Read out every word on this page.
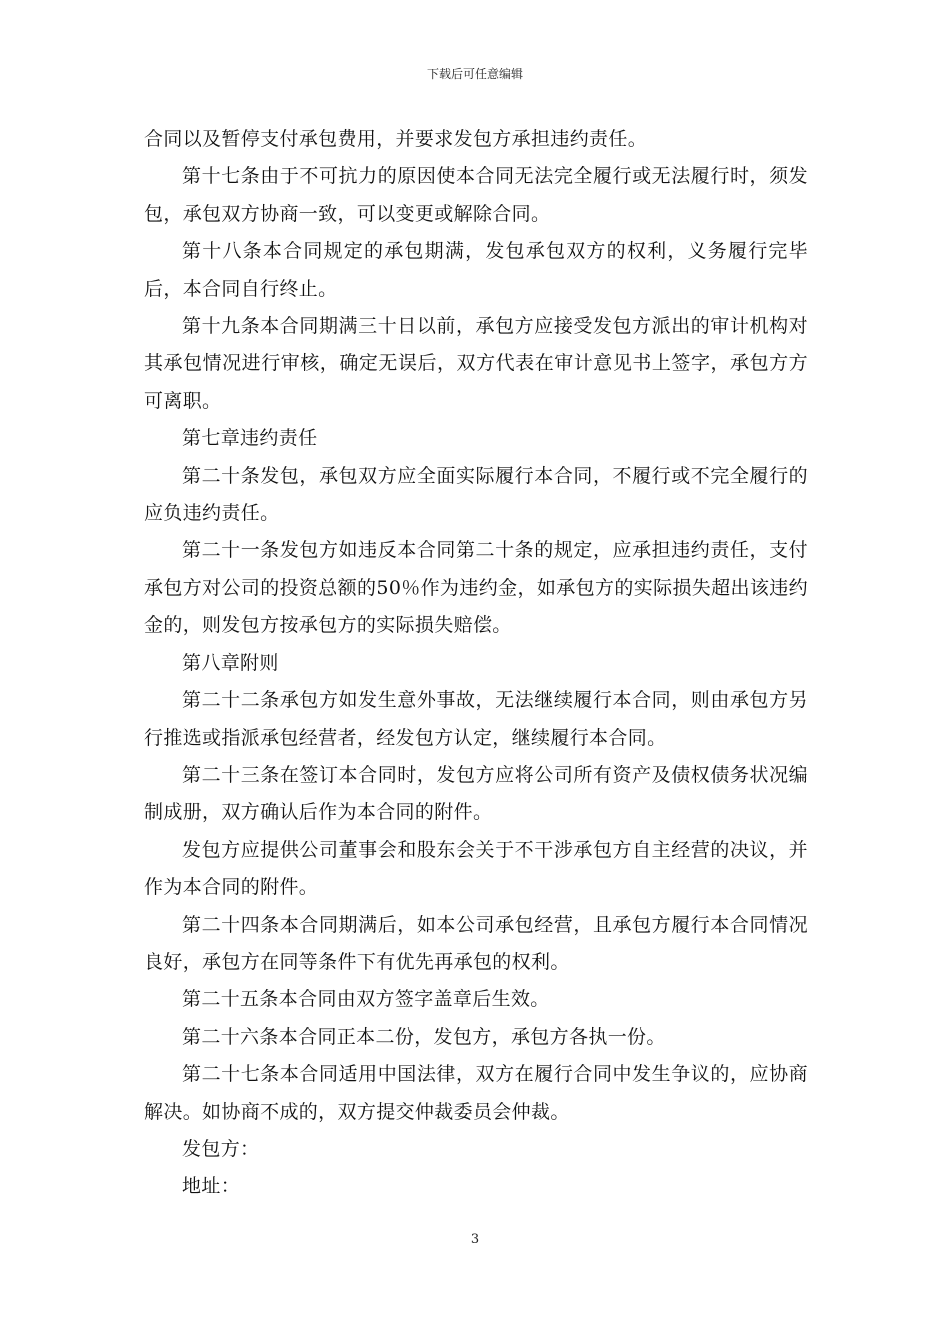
下载后可任意编辑

合同以及暂停支付承包费用，并要求发包方承担违约责任。

第十七条由于不可抗力的原因使本合同无法完全履行或无法履行时，须发包，承包双方协商一致，可以变更或解除合同。

第十八条本合同规定的承包期满，发包承包双方的权利，义务履行完毕后，本合同自行终止。

第十九条本合同期满三十日以前，承包方应接受发包方派出的审计机构对其承包情况进行审核，确定无误后，双方代表在审计意见书上签字，承包方方可离职。

第七章违约责任

第二十条发包，承包双方应全面实际履行本合同，不履行或不完全履行的应负违约责任。

第二十一条发包方如违反本合同第二十条的规定，应承担违约责任，支付承包方对公司的投资总额的50％作为违约金，如承包方的实际损失超出该违约金的，则发包方按承包方的实际损失赔偿。

第八章附则

第二十二条承包方如发生意外事故，无法继续履行本合同，则由承包方另行推选或指派承包经营者，经发包方认定，继续履行本合同。

第二十三条在签订本合同时，发包方应将公司所有资产及债权债务状况编制成册，双方确认后作为本合同的附件。

发包方应提供公司董事会和股东会关于不干涉承包方自主经营的决议，并作为本合同的附件。

第二十四条本合同期满后，如本公司承包经营，且承包方履行本合同情况良好，承包方在同等条件下有优先再承包的权利。

第二十五条本合同由双方签字盖章后生效。

第二十六条本合同正本二份，发包方，承包方各执一份。

第二十七条本合同适用中国法律，双方在履行合同中发生争议的，应协商解决。如协商不成的，双方提交仲裁委员会仲裁。

发包方：

地址：

3
